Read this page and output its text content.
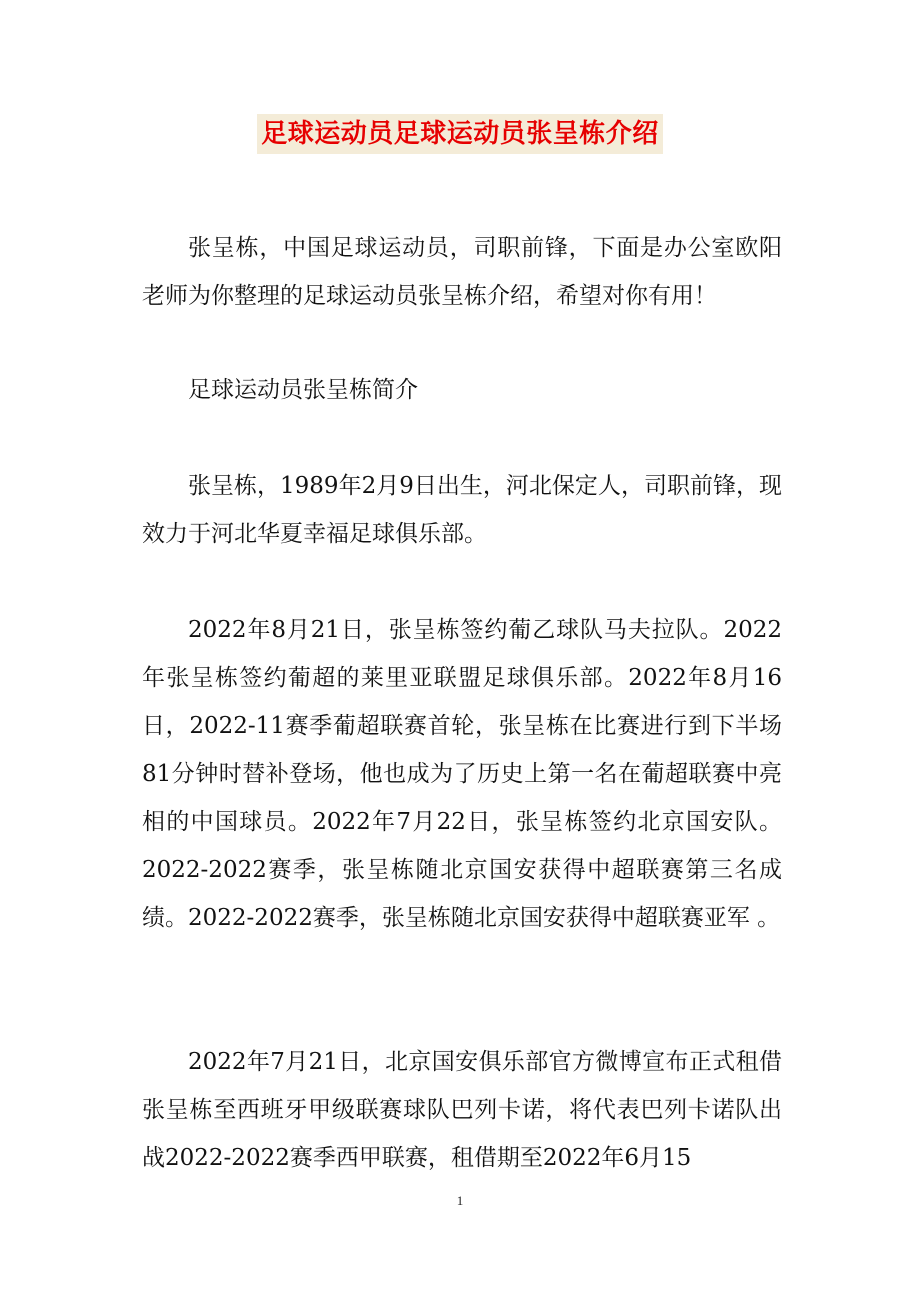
足球运动员足球运动员张呈栋介绍

张呈栋，中国足球运动员，司职前锋，下面是办公室欧阳老师为你整理的足球运动员张呈栋介绍，希望对你有用！

足球运动员张呈栋简介

张呈栋，1989年2月9日出生，河北保定人，司职前锋，现效力于河北华夏幸福足球俱乐部。

2022年8月21日，张呈栋签约葡乙球队马夫拉队。2022年张呈栋签约葡超的莱里亚联盟足球俱乐部。2022年8月16日，2022-11赛季葡超联赛首轮，张呈栋在比赛进行到下半场81分钟时替补登场，他也成为了历史上第一名在葡超联赛中亮相的中国球员。2022年7月22日，张呈栋签约北京国安队。2022-2022赛季，张呈栋随北京国安获得中超联赛第三名成绩。2022-2022赛季，张呈栋随北京国安获得中超联赛亚军 。

2022年7月21日，北京国安俱乐部官方微博宣布正式租借张呈栋至西班牙甲级联赛球队巴列卡诺，将代表巴列卡诺队出战2022-2022赛季西甲联赛，租借期至2022年6月15

1
